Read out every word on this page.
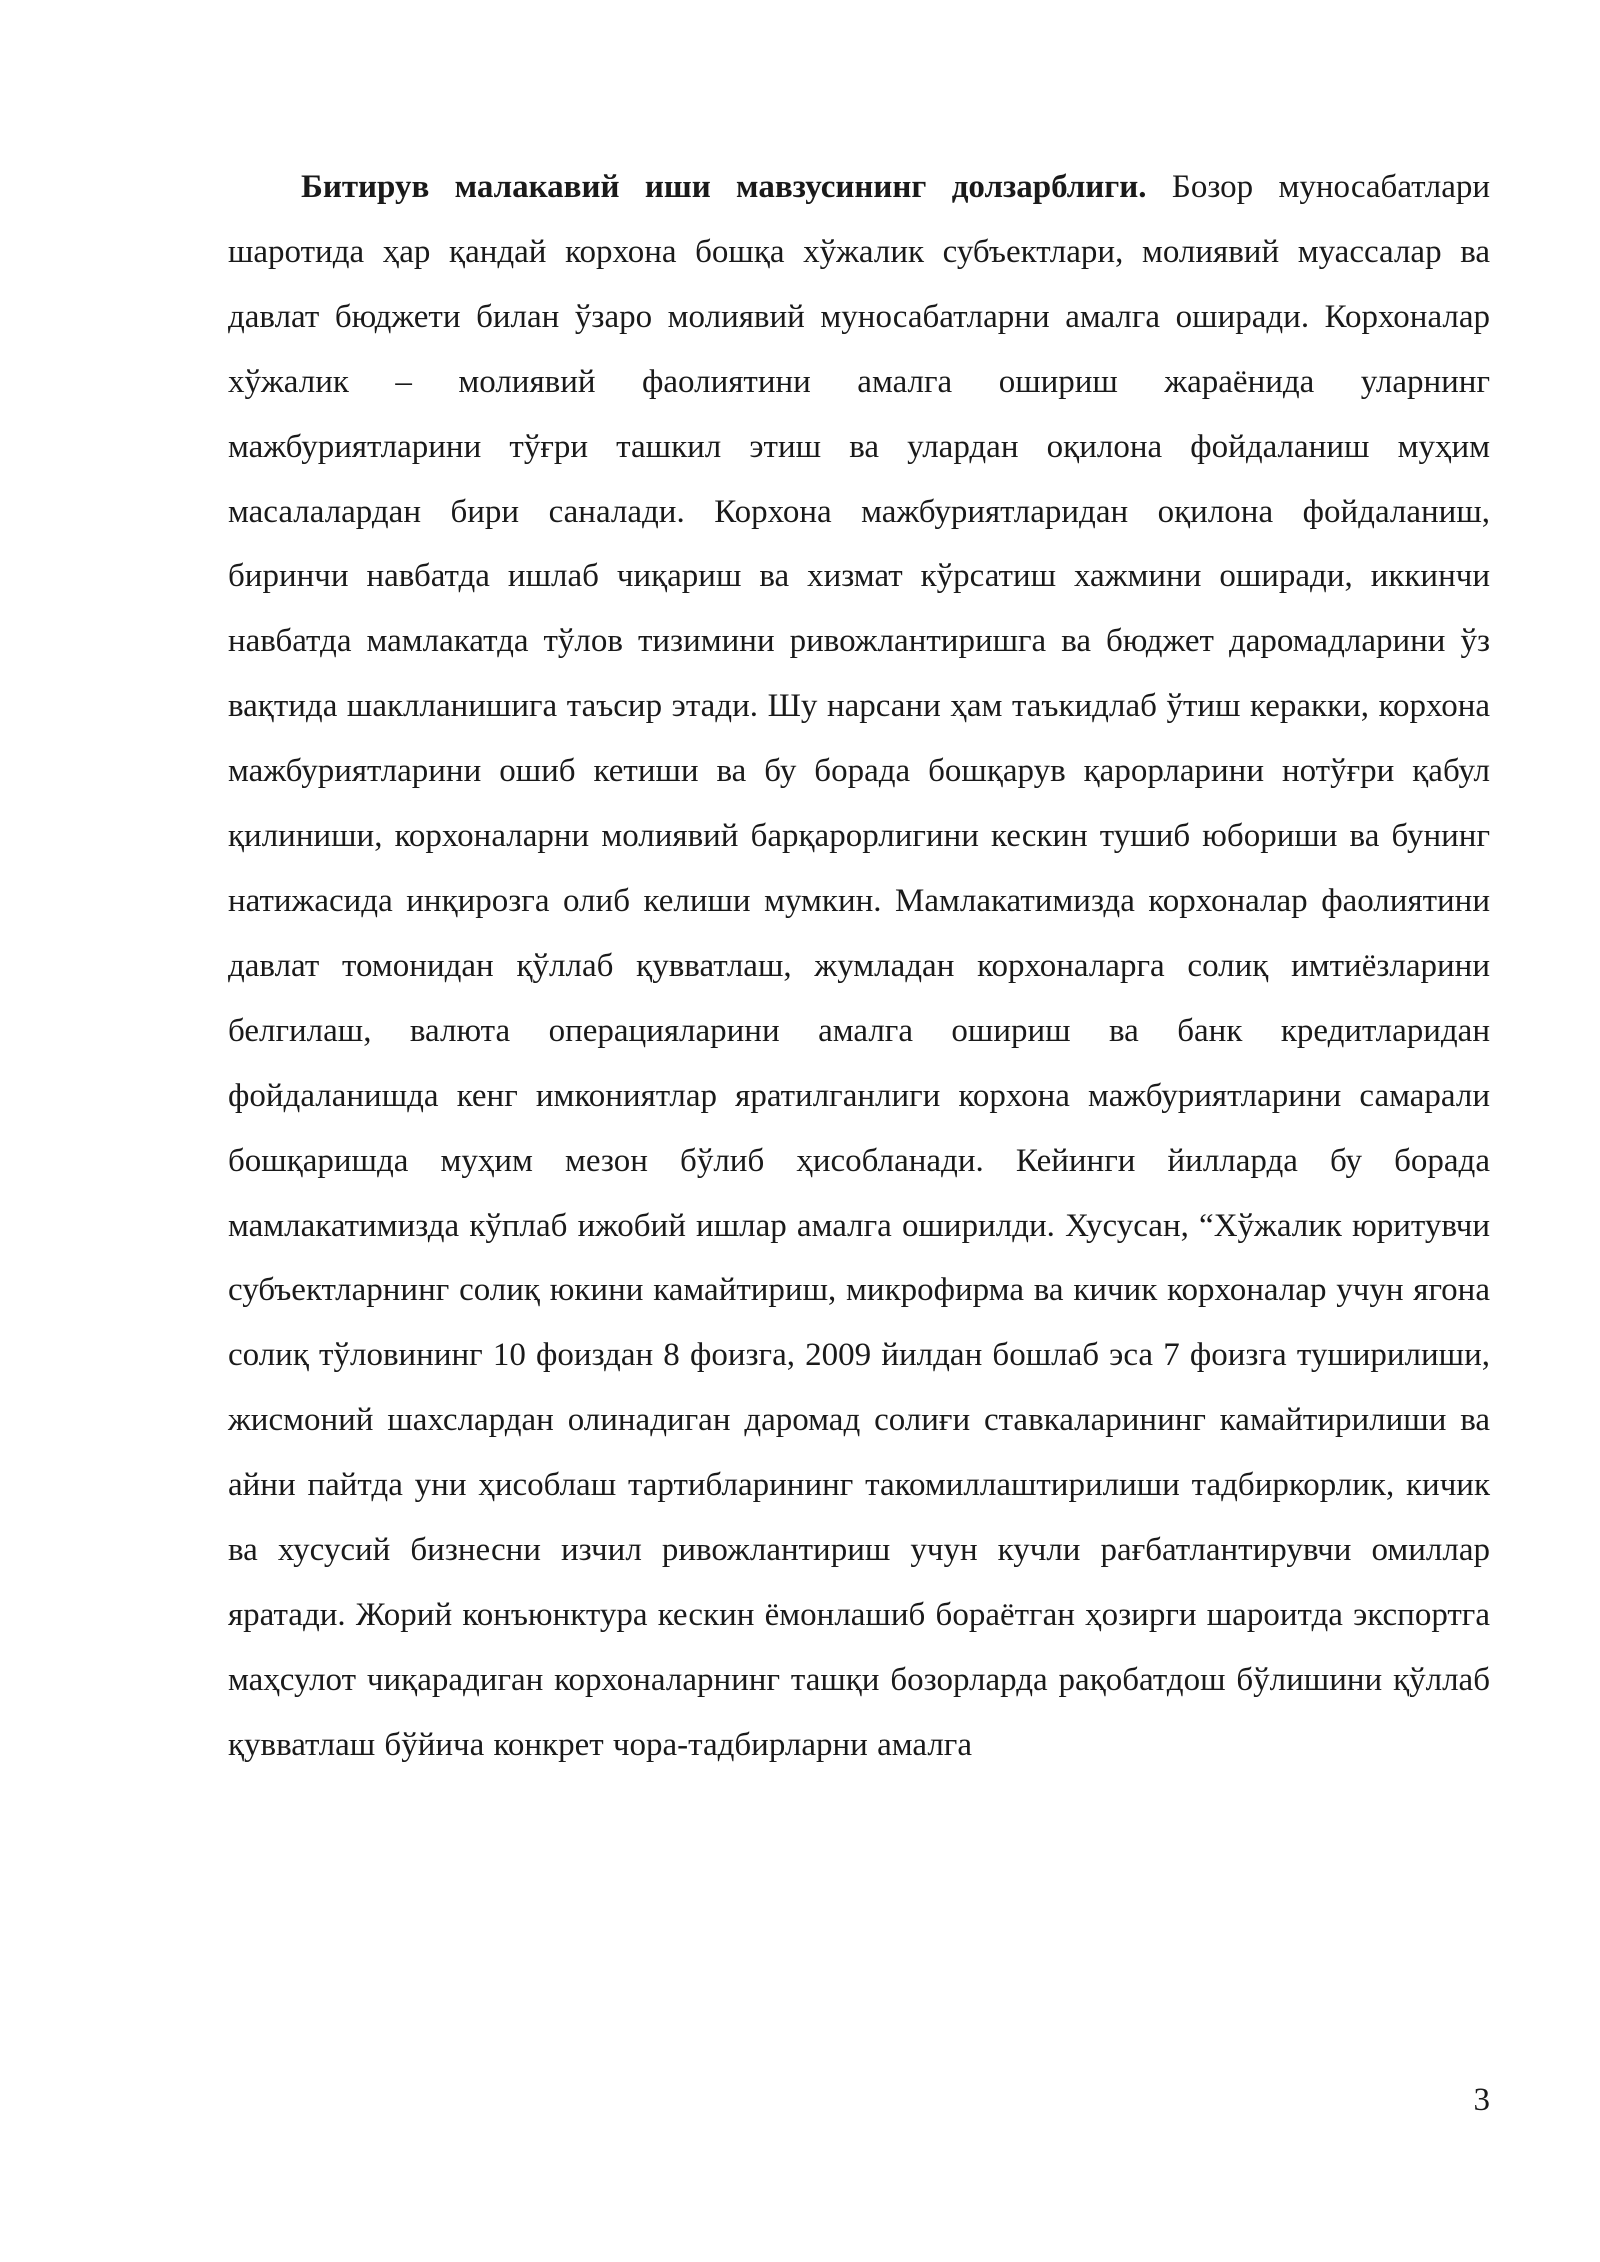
Битирув малакавий иши мавзусининг долзарблиги. Бозор муносабатлари шаротида ҳар қандай корхона бошқа хўжалик субъектлари, молиявий муассалар ва давлат бюджети билан ўзаро молиявий муносабатларни амалга оширади. Корхоналар хўжалик – молиявий фаолиятини амалга ошириш жараёнида уларнинг мажбуриятларини тўғри ташкил этиш ва улардан оқилона фойдаланиш муҳим масалалардан бири саналади. Корхона мажбуриятларидан оқилона фойдаланиш, биринчи навбатда ишлаб чиқариш ва хизмат кўрсатиш хажмини оширади, иккинчи навбатда мамлакатда тўлов тизимини ривожлантиришга ва бюджет даромадларини ўз вақтида шаклланишига таъсир этади. Шу нарсани ҳам таъкидлаб ўтиш керакки, корхона мажбуриятларини ошиб кетиши ва бу борада бошқарув қарорларини нотўғри қабул қилиниши, корхоналарни молиявий барқарорлигини кескин тушиб юбориши ва бунинг натижасида инқирозга олиб келиши мумкин. Мамлакатимизда корхоналар фаолиятини давлат томонидан қўллаб қувватлаш, жумладан корхоналарга солиқ имтиёзларини белгилаш, валюта операцияларини амалга ошириш ва банк кредитларидан фойдаланишда кенг имкониятлар яратилганлиги корхона мажбуриятларини самарали бошқаришда муҳим мезон бўлиб ҳисобланади. Кейинги йилларда бу борада мамлакатимизда кўплаб ижобий ишлар амалга оширилди. Хусусан, “Хўжалик юритувчи субъектларнинг солиқ юкини камайтириш, микрофирма ва кичик корхоналар учун ягона солиқ тўловининг 10 фоиздан 8 фоизга, 2009 йилдан бошлаб эса 7 фоизга туширилиши, жисмоний шахслардан олинадиган даромад солиғи ставкаларининг камайтирилиши ва айни пайтда уни ҳисоблаш тартибларининг такомиллаштирилиши тадбиркорлик, кичик ва хусусий бизнесни изчил ривожлантириш учун кучли рағбатлантирувчи омиллар яратади. Жорий конъюнктура кескин ёмонлашиб бораётган ҳозирги шароитда экспортга маҳсулот чиқарадиган корхоналарнинг ташқи бозорларда рақобатдош бўлишини қўллаб қувватлаш бўйича конкрет чора-тадбирларни амалга

3
